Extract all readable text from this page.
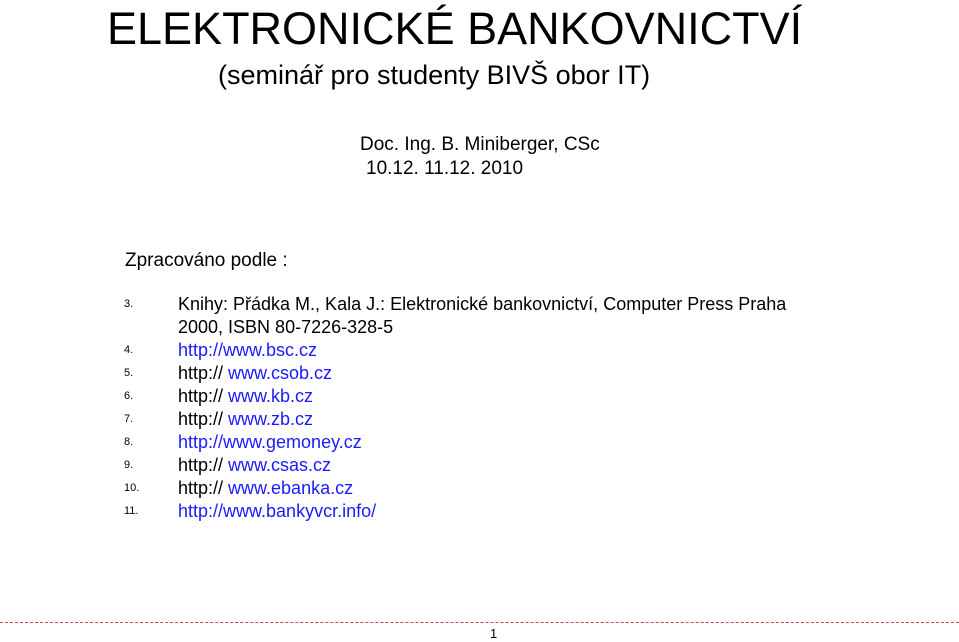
ELEKTRONICKÉ BANKOVNICTVÍ
(seminář pro studenty BIVŠ obor IT)
Doc. Ing. B. Miniberger, CSc
10.12. 11.12. 2010
Zpracováno podle :
3. Knihy: Přádka M., Kala J.: Elektronické bankovnictví, Computer Press Praha
2000, ISBN 80-7226-328-5
4. http://www.bsc.cz
5. http:// www.csob.cz
6. http:// www.kb.cz
7. http:// www.zb.cz
8. http://www.gemoney.cz
9. http:// www.csas.cz
10. http:// www.ebanka.cz
11. http://www.bankyvcr.info/
1
